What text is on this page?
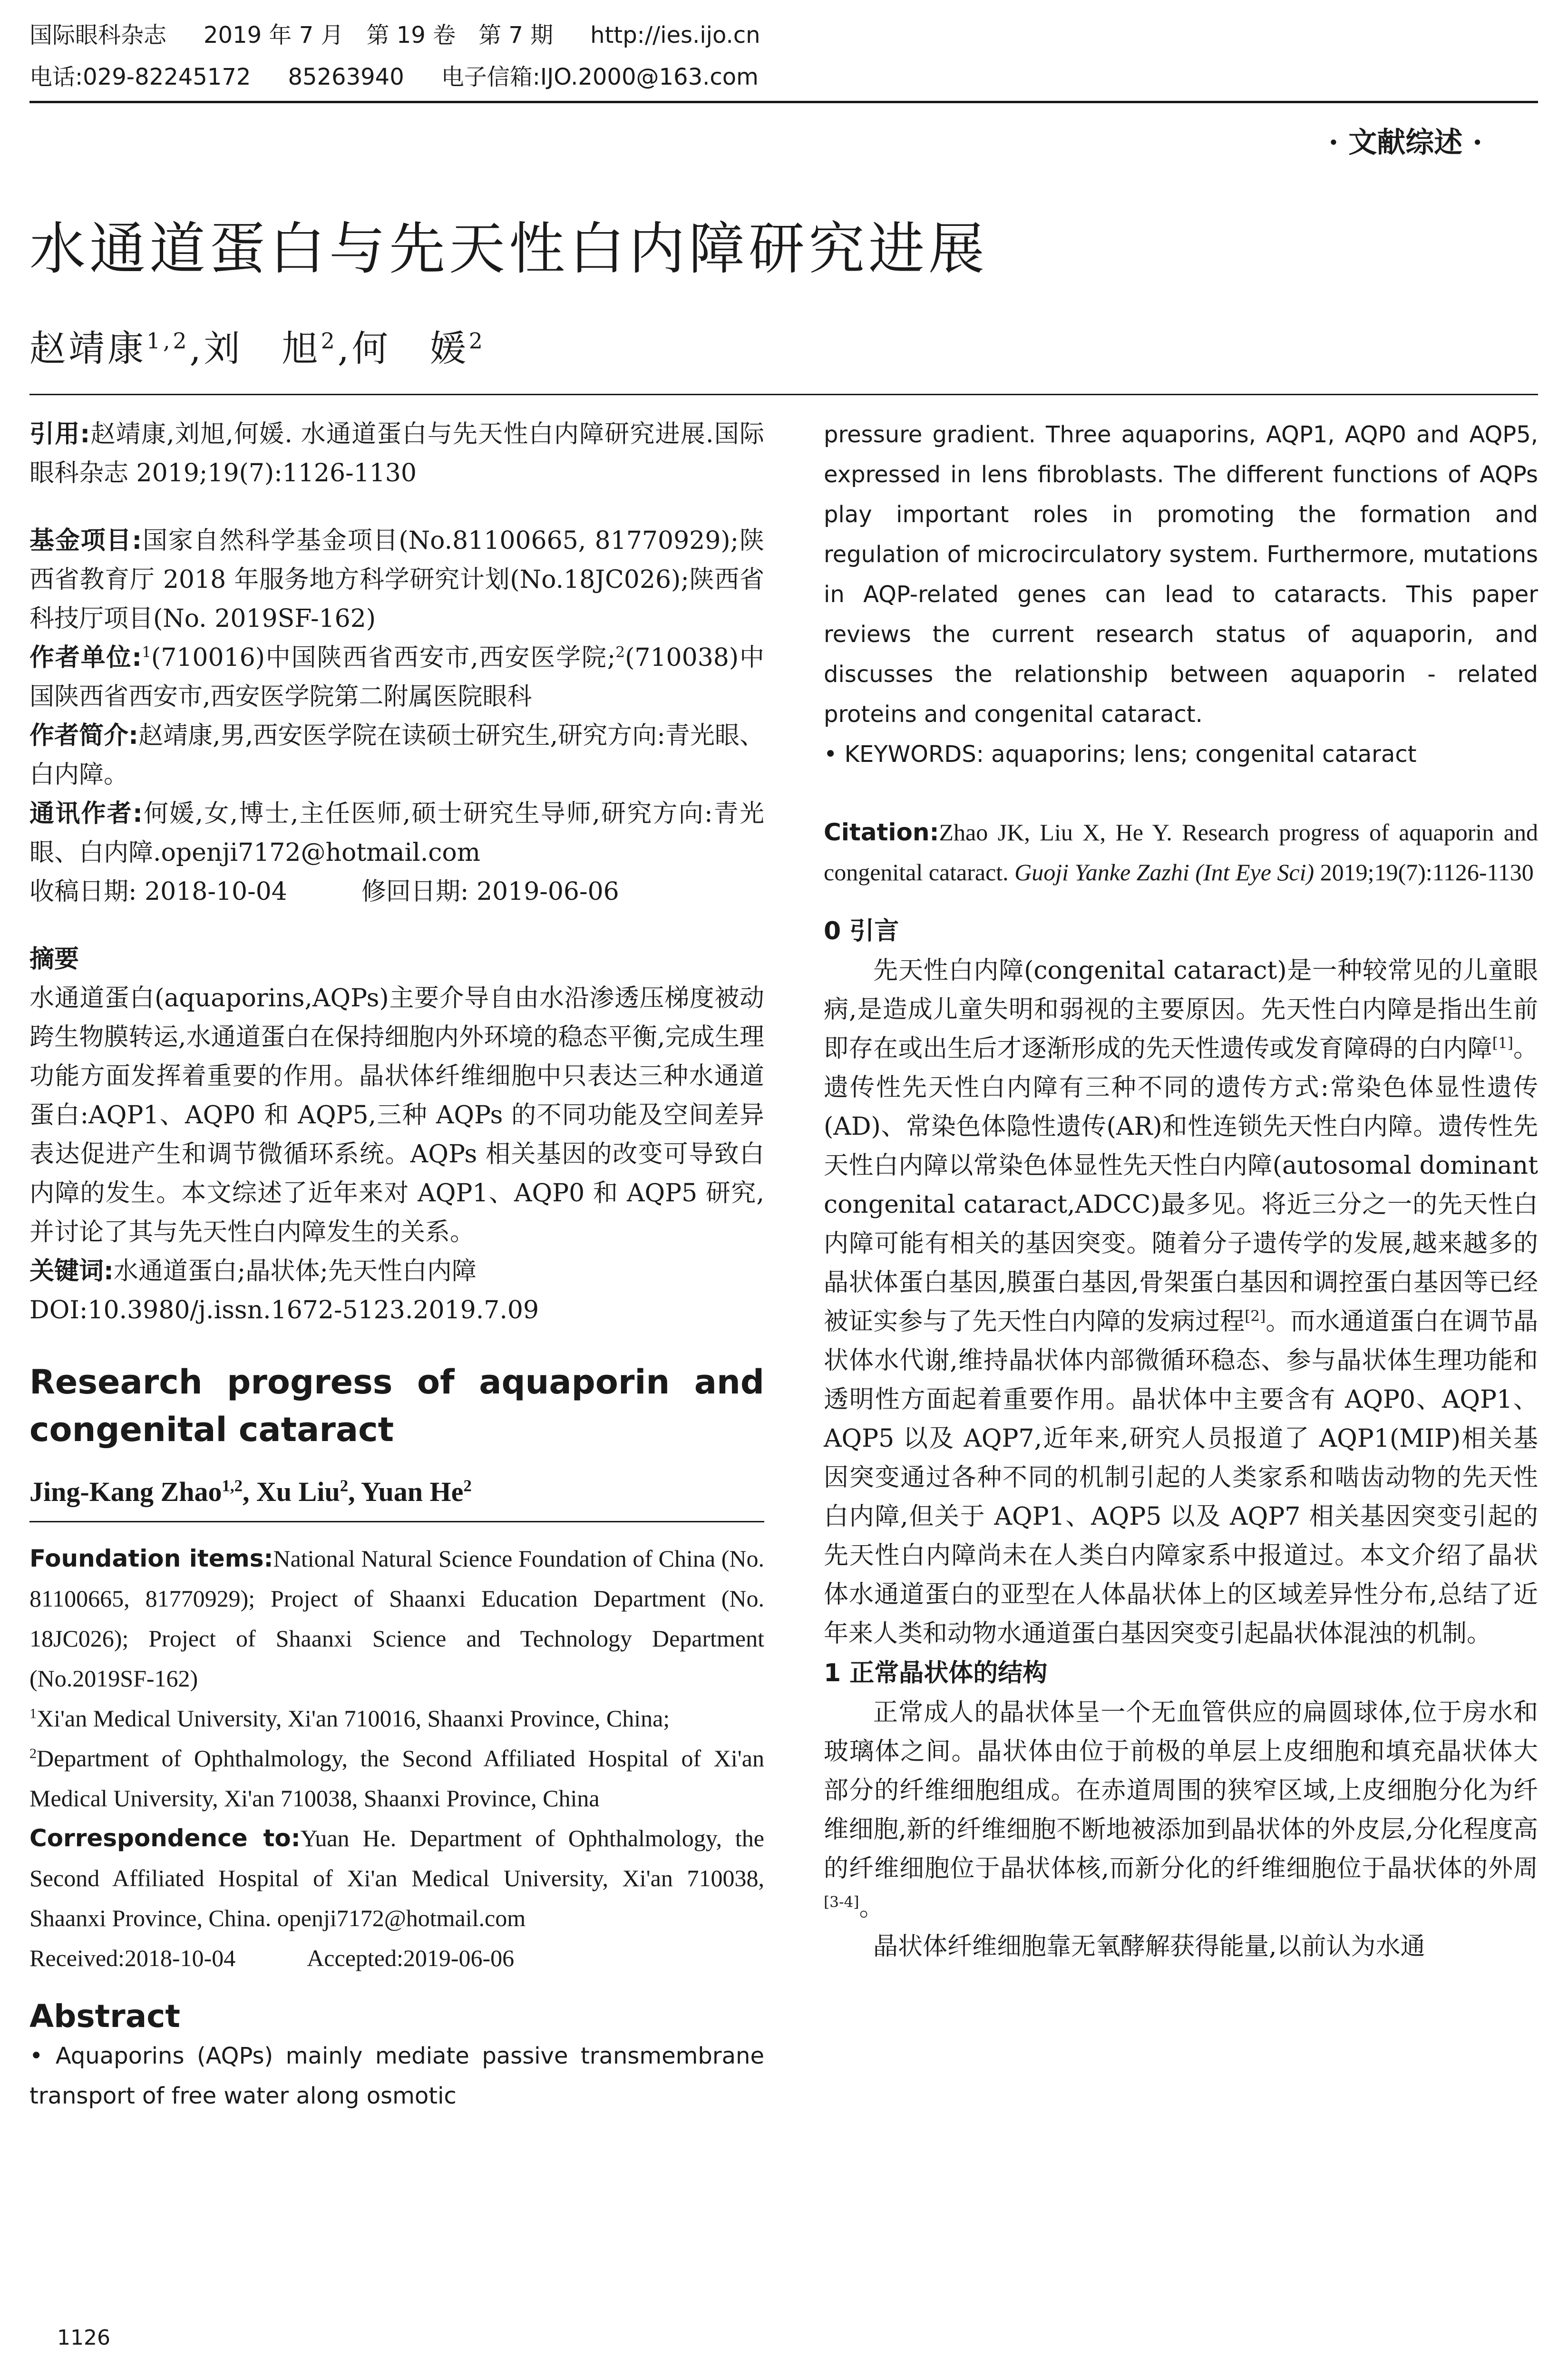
国际眼科杂志 2019 年 7 月　第 19 卷　第 7 期 http://ies.ijo.cn
电话:029-82245172 85263940 电子信箱:IJO.2000@163.com
· 文献综述 ·
水通道蛋白与先天性白内障研究进展
赵靖康$^{1,2}$,刘　旭$^2$,何　媛$^2$

引用:赵靖康,刘旭,何媛. 水通道蛋白与先天性白内障研究进展.国际眼科杂志 2019;19(7):1126-1130

基金项目:国家自然科学基金项目(No.81100665, 81770929);陕西省教育厅 2018 年服务地方科学研究计划(No.18JC026);陕西省科技厅项目(No. 2019SF-162)

作者单位:$^1$(710016)中国陕西省西安市,西安医学院;$^2$(710038)中国陕西省西安市,西安医学院第二附属医院眼科

作者简介:赵靖康,男,西安医学院在读硕士研究生,研究方向:青光眼、白内障。

通讯作者:何媛,女,博士,主任医师,硕士研究生导师,研究方向:青光眼、白内障.openji7172@hotmail.com

收稿日期: 2018-10-04　　　	修回日期: 2019-06-06

摘要

水通道蛋白(aquaporins,AQPs)主要介导自由水沿渗透压梯度被动跨生物膜转运,水通道蛋白在保持细胞内外环境的稳态平衡,完成生理功能方面发挥着重要的作用。晶状体纤维细胞中只表达三种水通道蛋白:AQP1、AQP0 和 AQP5,三种 AQPs 的不同功能及空间差异表达促进产生和调节微循环系统。AQPs 相关基因的改变可导致白内障的发生。本文综述了近年来对 AQP1、AQP0 和 AQP5 研究,并讨论了其与先天性白内障发生的关系。

关键词:水通道蛋白;晶状体;先天性白内障

DOI:10.3980/j.issn.1672-5123.2019.7.09

Research progress of aquaporin and congenital cataract

Jing-Kang Zhao$^{1,2}$, Xu Liu$^2$, Yuan He$^2$

Foundation items:National Natural Science Foundation of China (No. 81100665, 81770929); Project of Shaanxi Education Department (No. 18JC026); Project of Shaanxi Science and Technology Department (No.2019SF-162)

$^1$Xi'an Medical University, Xi'an 710016, Shaanxi Province, China;

$^2$Department of Ophthalmology, the Second Affiliated Hospital of Xi'an Medical University, Xi'an 710038, Shaanxi Province, China

Correspondence to:Yuan He. Department of Ophthalmology, the Second Affiliated Hospital of Xi'an Medical University, Xi'an 710038, Shaanxi Province, China. openji7172@hotmail.com

Received:2018-10-04　　　	Accepted:2019-06-06

Abstract

• Aquaporins (AQPs) mainly mediate passive transmembrane transport of free water along osmotic

pressure gradient. Three aquaporins, AQP1, AQP0 and AQP5, expressed in lens fibroblasts. The different functions of AQPs play important roles in promoting the formation and regulation of microcirculatory system. Furthermore, mutations in AQP-related genes can lead to cataracts. This paper reviews the current research status of aquaporin, and discusses the relationship between aquaporin - related proteins and congenital cataract.

• KEYWORDS: aquaporins; lens; congenital cataract

Citation:Zhao JK, Liu X, He Y. Research progress of aquaporin and congenital cataract. Guoji Yanke Zazhi (Int Eye Sci) 2019;19(7):1126-1130

0 引言

先天性白内障(congenital cataract)是一种较常见的儿童眼病,是造成儿童失明和弱视的主要原因。先天性白内障是指出生前即存在或出生后才逐渐形成的先天性遗传或发育障碍的白内障[1]。遗传性先天性白内障有三种不同的遗传方式:常染色体显性遗传(AD)、常染色体隐性遗传(AR)和性连锁先天性白内障。遗传性先天性白内障以常染色体显性先天性白内障(autosomal dominant congenital cataract,ADCC)最多见。将近三分之一的先天性白内障可能有相关的基因突变。随着分子遗传学的发展,越来越多的晶状体蛋白基因,膜蛋白基因,骨架蛋白基因和调控蛋白基因等已经被证实参与了先天性白内障的发病过程[2]。而水通道蛋白在调节晶状体水代谢,维持晶状体内部微循环稳态、参与晶状体生理功能和透明性方面起着重要作用。晶状体中主要含有 AQP0、AQP1、AQP5 以及 AQP7,近年来,研究人员报道了 AQP1(MIP)相关基因突变通过各种不同的机制引起的人类家系和啮齿动物的先天性白内障,但关于 AQP1、AQP5 以及 AQP7 相关基因突变引起的先天性白内障尚未在人类白内障家系中报道过。本文介绍了晶状体水通道蛋白的亚型在人体晶状体上的区域差异性分布,总结了近年来人类和动物水通道蛋白基因突变引起晶状体混浊的机制。

1 正常晶状体的结构

正常成人的晶状体呈一个无血管供应的扁圆球体,位于房水和玻璃体之间。晶状体由位于前极的单层上皮细胞和填充晶状体大部分的纤维细胞组成。在赤道周围的狭窄区域,上皮细胞分化为纤维细胞,新的纤维细胞不断地被添加到晶状体的外皮层,分化程度高的纤维细胞位于晶状体核,而新分化的纤维细胞位于晶状体的外周[3-4]。

晶状体纤维细胞靠无氧酵解获得能量,以前认为水通

1126
